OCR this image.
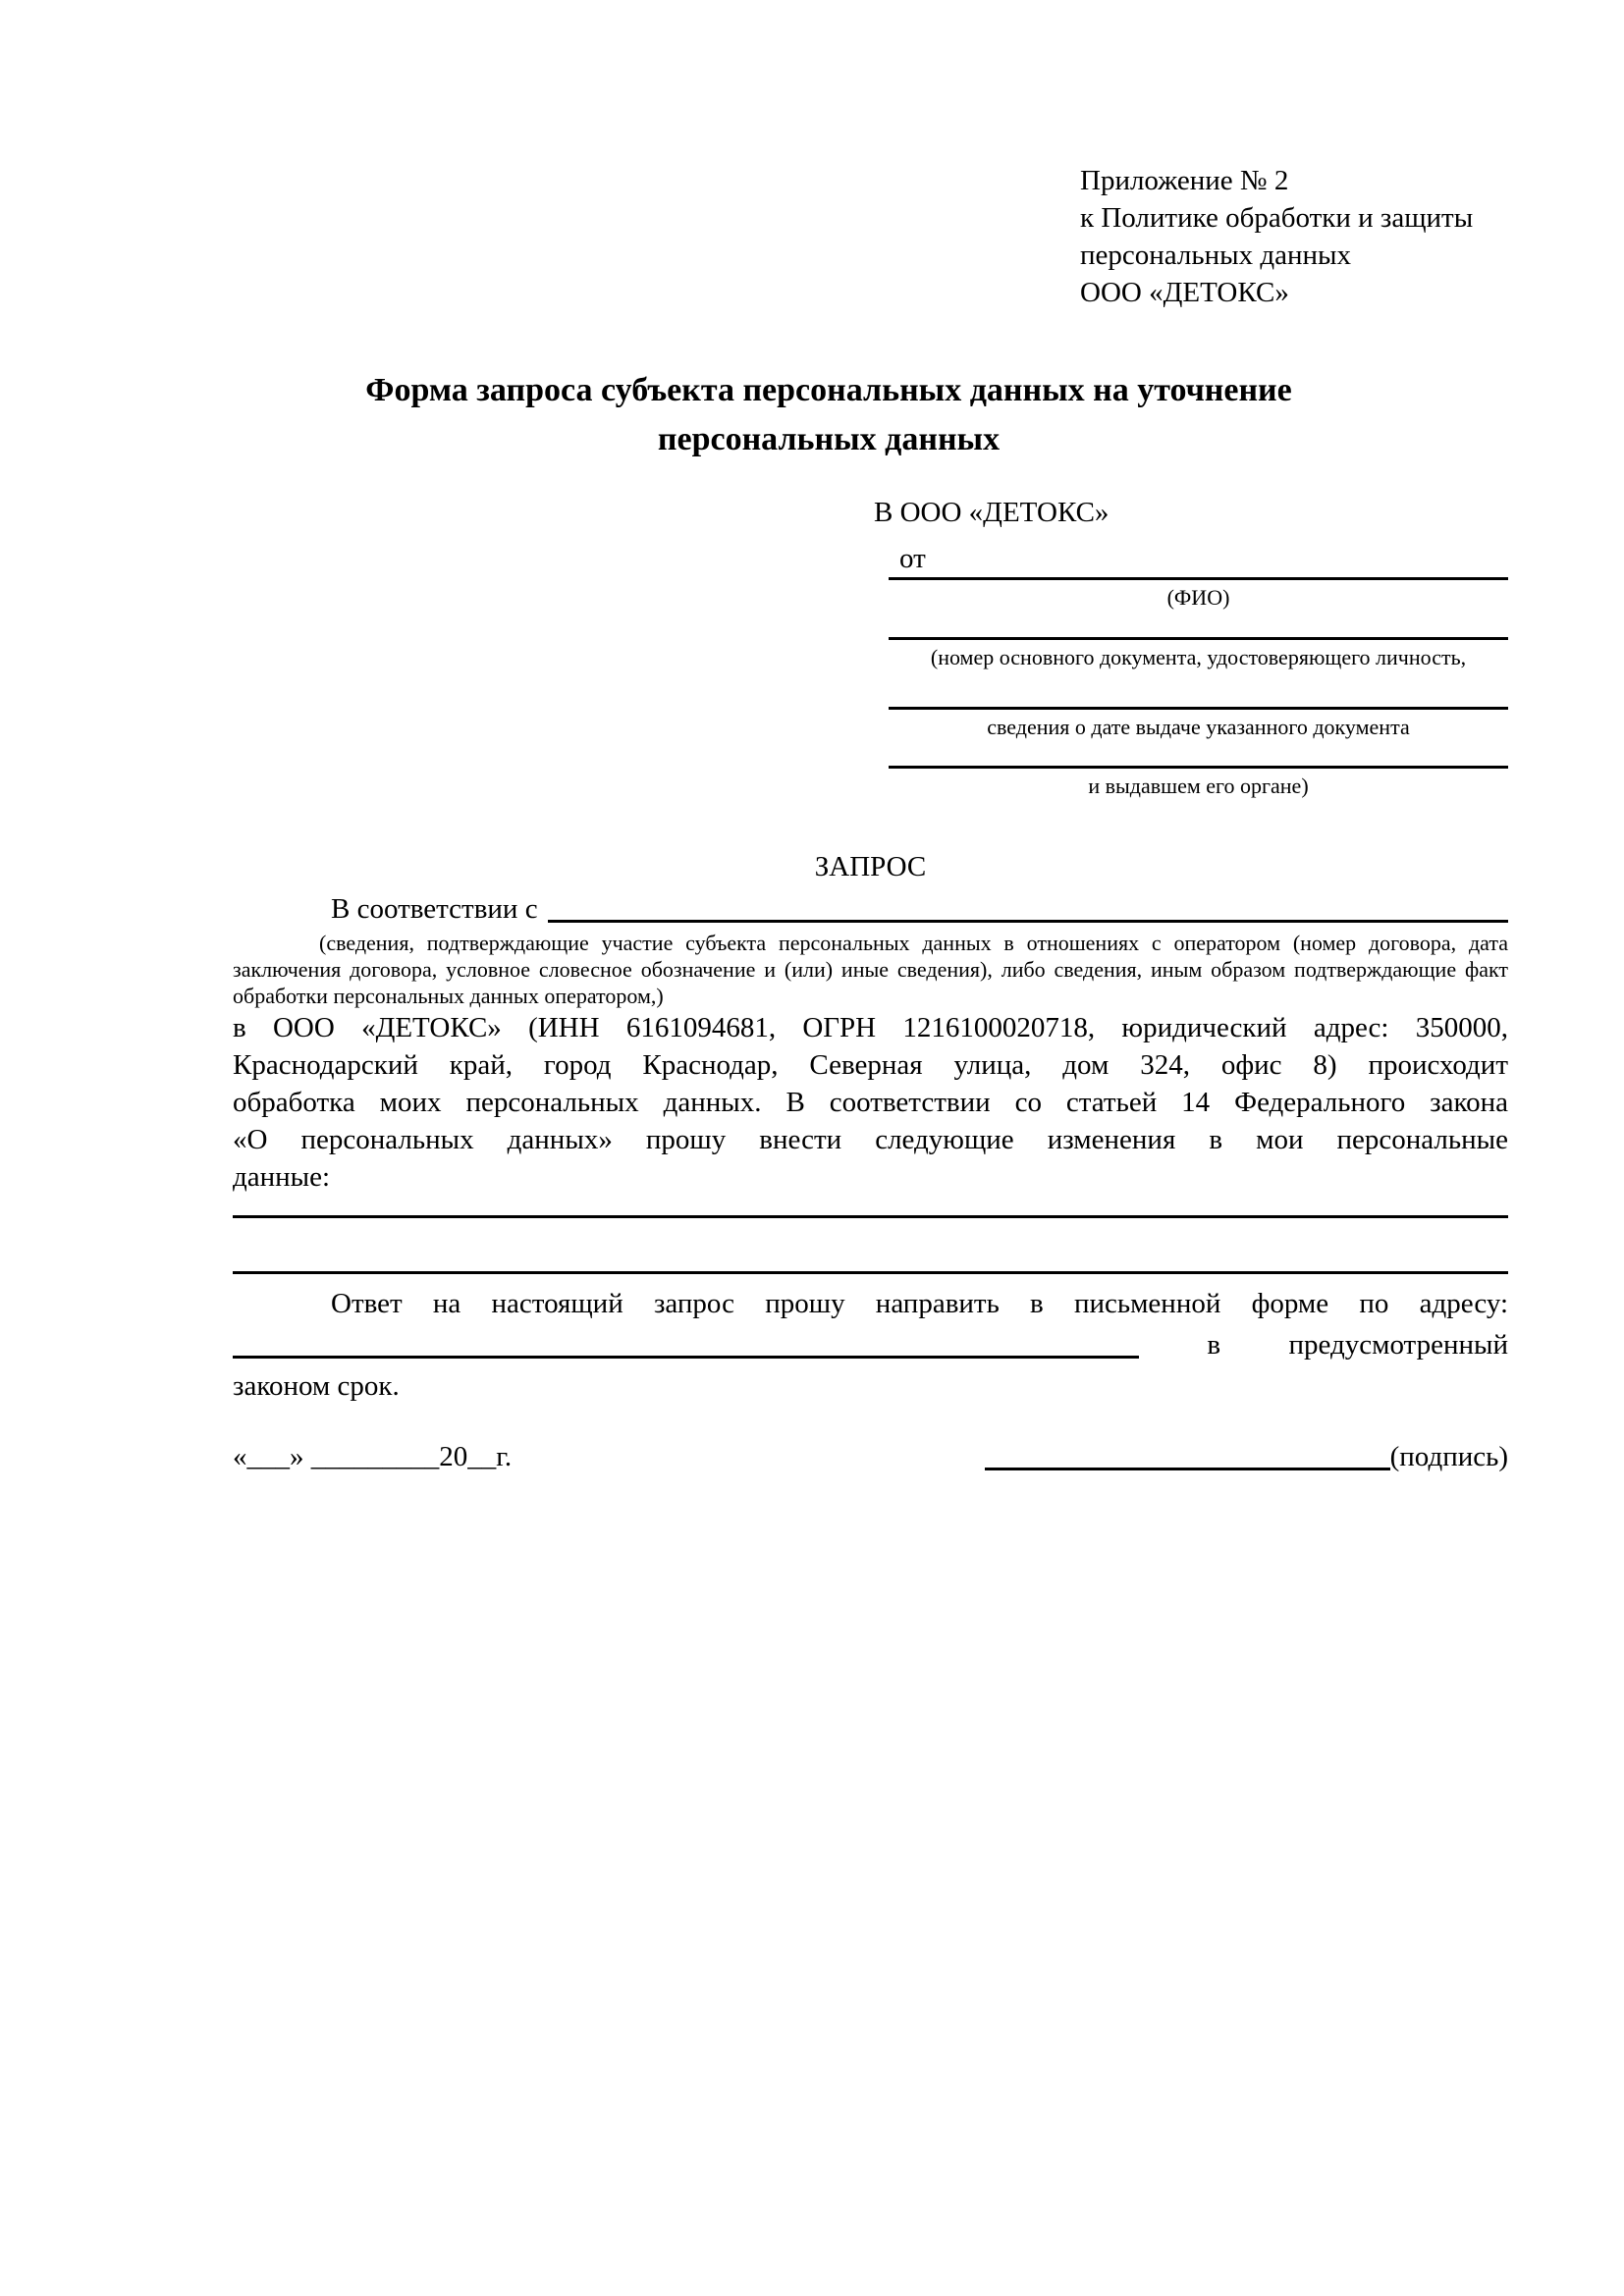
Приложение № 2
к Политике обработки и защиты
персональных данных
ООО «ДЕТОКС»
Форма запроса субъекта персональных данных на уточнение
персональных данных
В ООО «ДЕТОКС»
от
(ФИО)
(номер основного документа, удостоверяющего личность,
сведения о дате выдаче указанного документа
и выдавшем его органе)
ЗАПРОС
В соответствии с
(сведения, подтверждающие участие субъекта персональных данных в отношениях с оператором (номер договора, дата
заключения договора, условное словесное обозначение и (или) иные сведения), либо сведения, иным образом подтверждающие факт
обработки персональных данных оператором,)
в ООО «ДЕТОКС» (ИНН 6161094681, ОГРН 1216100020718, юридический адрес: 350000,
Краснодарский край, город Краснодар, Северная улица, дом 324, офис 8) происходит
обработка моих персональных данных. В соответствии со статьей 14 Федерального закона
«О персональных данных» прошу внести следующие изменения в мои персональные
данные:
Ответ на настоящий запрос прошу направить в письменной форме по адресу:
в предусмотренный
законом срок.
«___» _________20__г.	(подпись)
